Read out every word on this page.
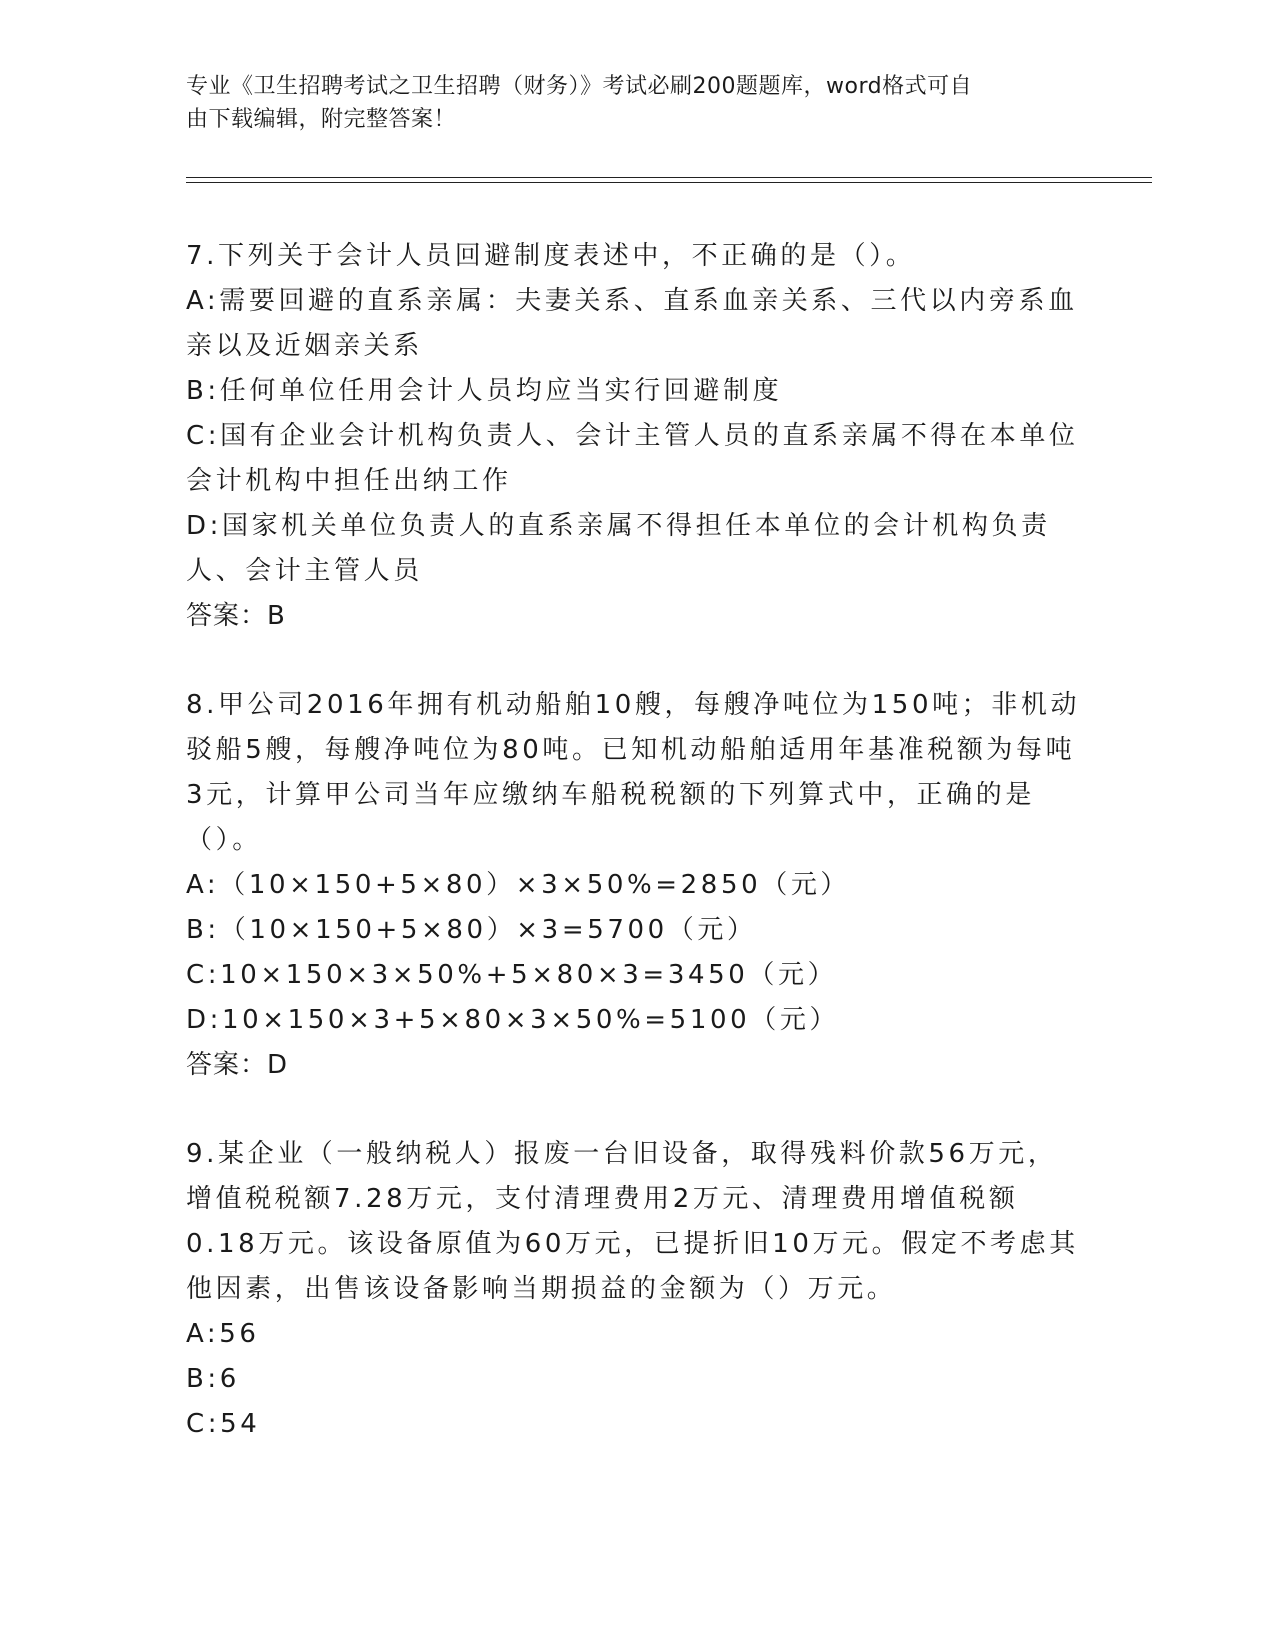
专业《卫生招聘考试之卫生招聘（财务）》考试必刷200题题库，word格式可自
由下载编辑，附完整答案！
7.下列关于会计人员回避制度表述中，不正确的是（）。
A:需要回避的直系亲属：夫妻关系、直系血亲关系、三代以内旁系血亲以及近姻亲关系
B:任何单位任用会计人员均应当实行回避制度
C:国有企业会计机构负责人、会计主管人员的直系亲属不得在本单位会计机构中担任出纳工作
D:国家机关单位负责人的直系亲属不得担任本单位的会计机构负责人、会计主管人员
答案：B
8.甲公司2016年拥有机动船舶10艘，每艘净吨位为150吨；非机动驳船5艘，每艘净吨位为80吨。已知机动船舶适用年基准税额为每吨3元，计算甲公司当年应缴纳车船税税额的下列算式中，正确的是（）。
A:（10×150+5×80）×3×50%=2850（元）
B:（10×150+5×80）×3=5700（元）
C:10×150×3×50%+5×80×3=3450（元）
D:10×150×3+5×80×3×50%=5100（元）
答案：D
9.某企业（一般纳税人）报废一台旧设备，取得残料价款56万元，增值税税额7.28万元，支付清理费用2万元、清理费用增值税额0.18万元。该设备原值为60万元，已提折旧10万元。假定不考虑其他因素，出售该设备影响当期损益的金额为（）万元。
A:56
B:6
C:54
